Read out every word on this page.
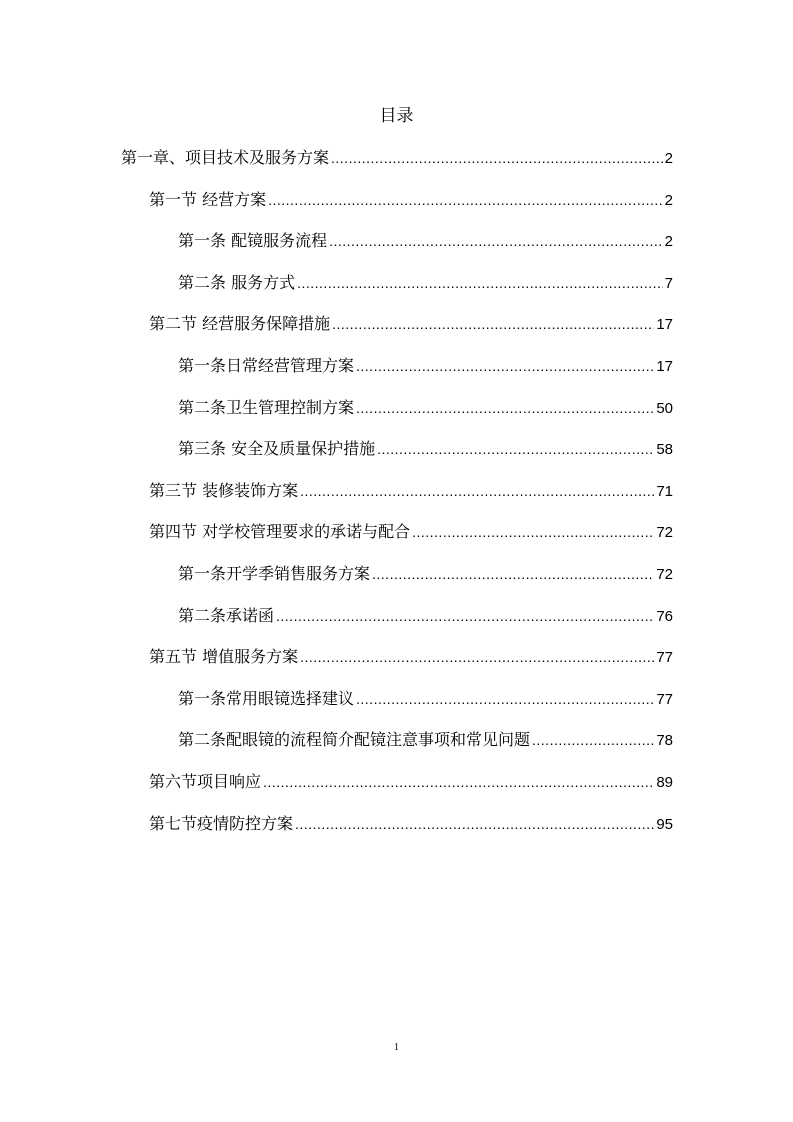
目录
第一章、项目技术及服务方案 .....	2
第一节 经营方案 .....	2
第一条 配镜服务流程 .....	2
第二条 服务方式 .....	7
第二节 经营服务保障措施 .....	17
第一条日常经营管理方案 .....	17
第二条卫生管理控制方案 .....	50
第三条 安全及质量保护措施 .....	58
第三节 装修装饰方案 .....	71
第四节 对学校管理要求的承诺与配合 .....	72
第一条开学季销售服务方案 .....	72
第二条承诺函 .....	76
第五节 增值服务方案 .....	77
第一条常用眼镜选择建议 .....	77
第二条配眼镜的流程简介配镜注意事项和常见问题 .....	78
第六节项目响应 .....	89
第七节疫情防控方案 .....	95
1
